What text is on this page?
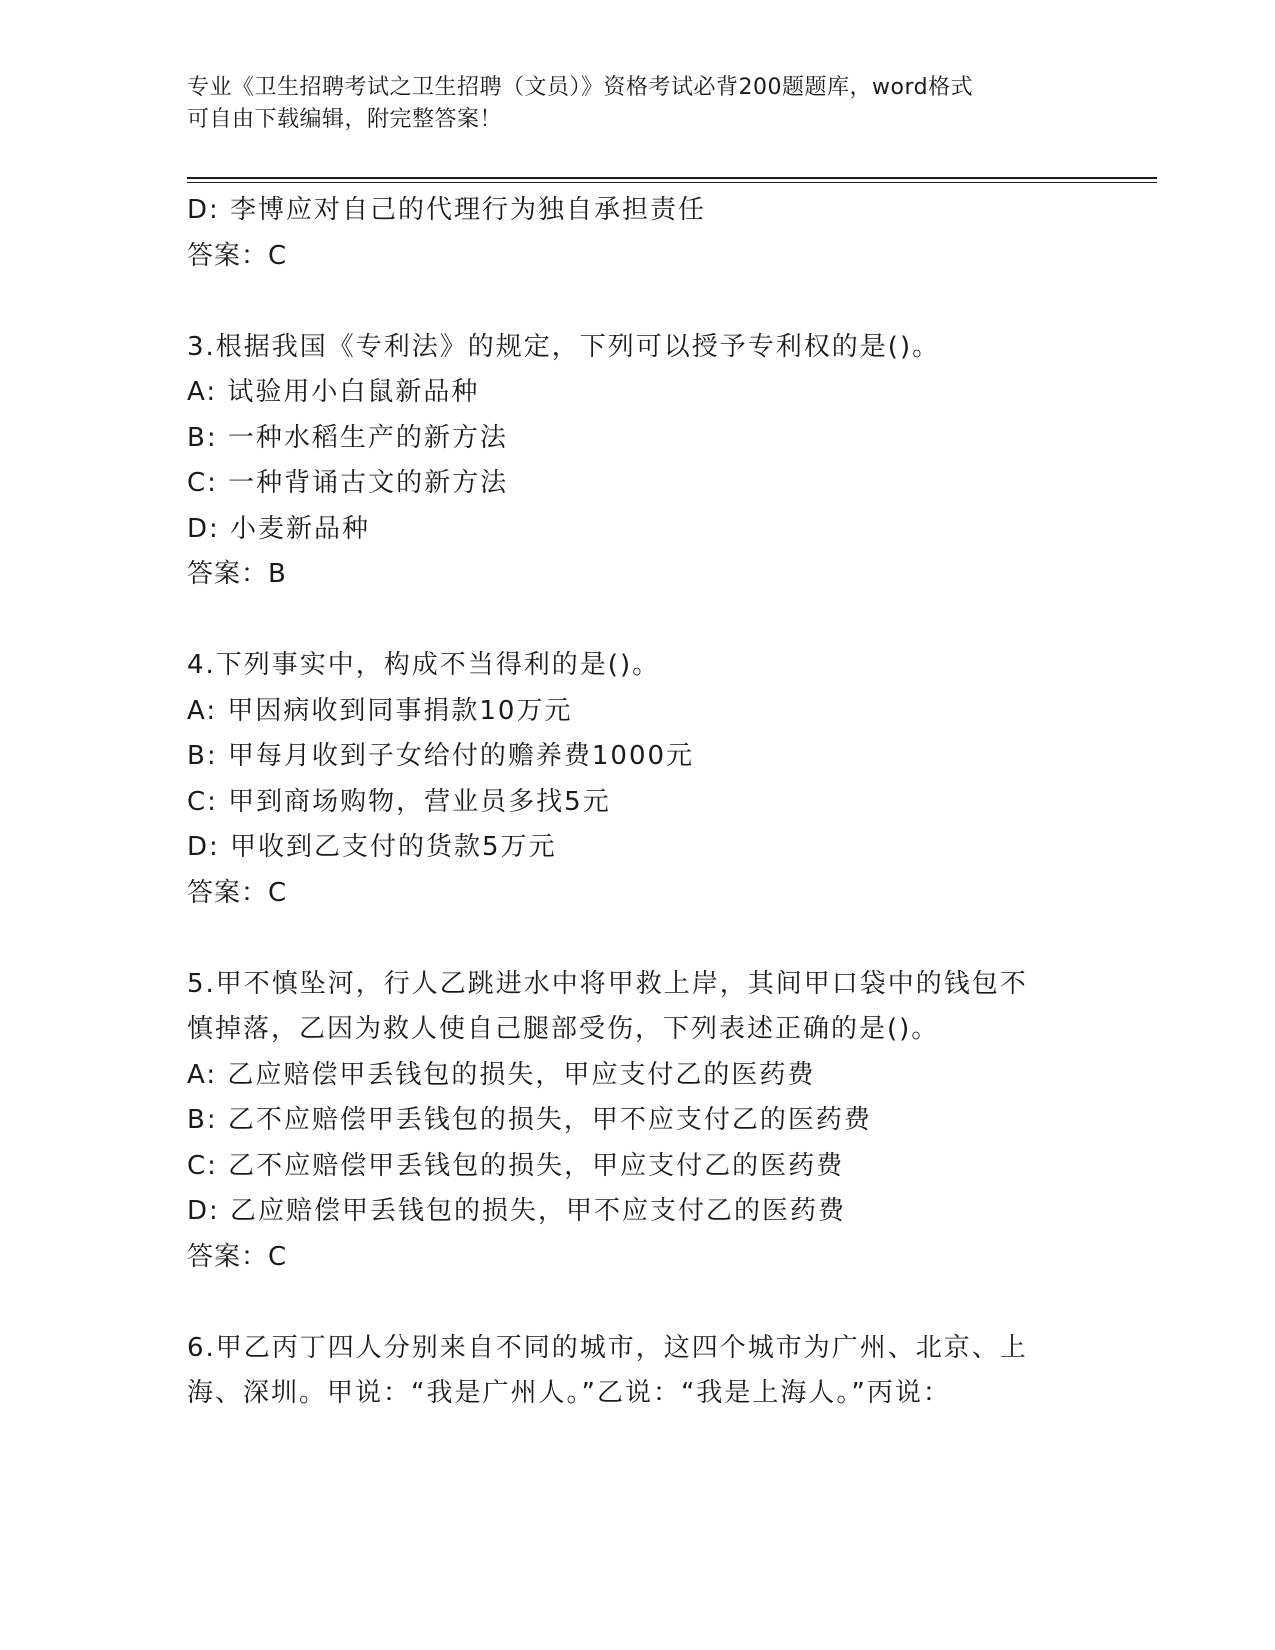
专业《卫生招聘考试之卫生招聘（文员）》资格考试必背200题题库，word格式
可自由下载编辑，附完整答案！
D: 李博应对自己的代理行为独自承担责任
答案：C
3.根据我国《专利法》的规定，下列可以授予专利权的是()。
A: 试验用小白鼠新品种
B: 一种水稻生产的新方法
C: 一种背诵古文的新方法
D: 小麦新品种
答案：B
4.下列事实中，构成不当得利的是()。
A: 甲因病收到同事捐款10万元
B: 甲每月收到子女给付的赡养费1000元
C: 甲到商场购物，营业员多找5元
D: 甲收到乙支付的货款5万元
答案：C
5.甲不慎坠河，行人乙跳进水中将甲救上岸，其间甲口袋中的钱包不
慎掉落，乙因为救人使自己腿部受伤，下列表述正确的是()。
A: 乙应赔偿甲丢钱包的损失，甲应支付乙的医药费
B: 乙不应赔偿甲丢钱包的损失，甲不应支付乙的医药费
C: 乙不应赔偿甲丢钱包的损失，甲应支付乙的医药费
D: 乙应赔偿甲丢钱包的损失，甲不应支付乙的医药费
答案：C
6.甲乙丙丁四人分别来自不同的城市，这四个城市为广州、北京、上
海、深圳。甲说：“我是广州人。”乙说：“我是上海人。”丙说：
